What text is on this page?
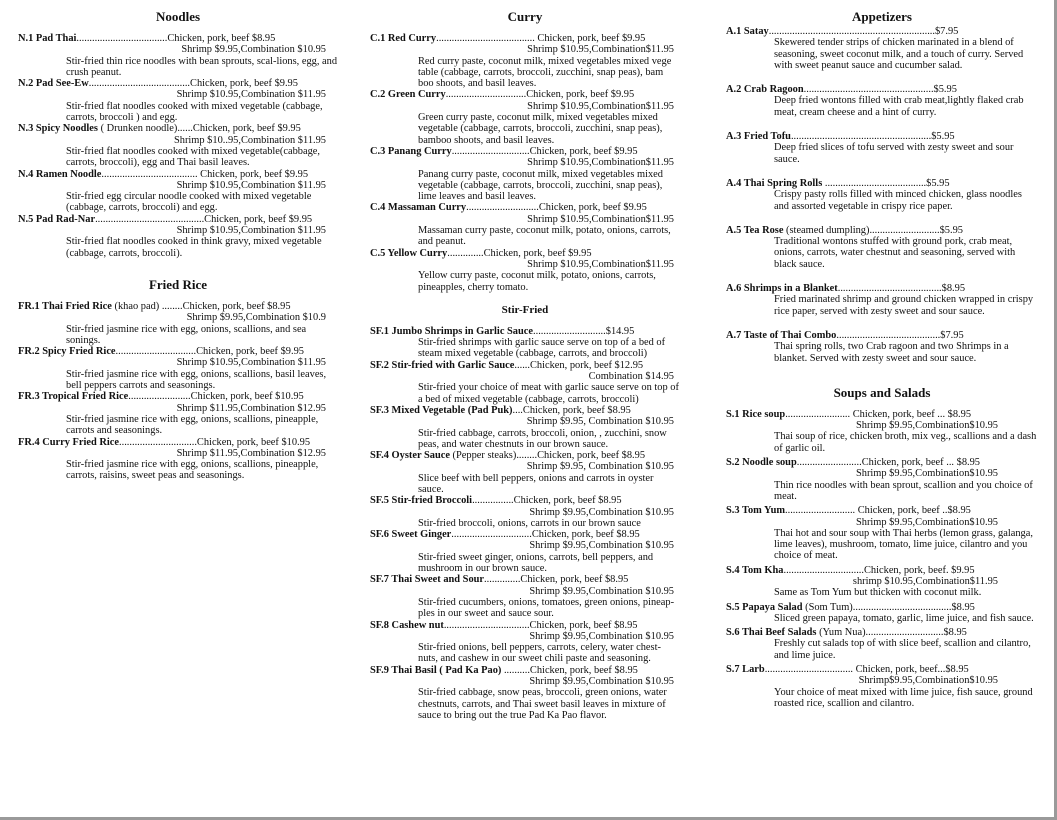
Noodles
N.1 Pad Thai...................................Chicken, pork, beef $8.95
Shrimp $9.95,Combination $10.95
Stir-fried thin rice noodles with bean sprouts, scal-lions, egg, and crush peanut.
N.2 Pad See-Ew.......................................Chicken, pork, beef $9.95
Shrimp $10.95,Combination $11.95
Stir-fried flat noodles cooked with mixed vegetable (cabbage, carrots, broccoli ) and egg.
N.3 Spicy Noodles ( Drunken noodle)......Chicken, pork, beef $9.95
Shrimp $10..95,Combination $11.95
Stir-fried flat noodles cooked with mixed vegetable(cabbage, carrots, broccoli), egg and Thai basil leaves.
N.4 Ramen Noodle..................................... Chicken, pork, beef $9.95
Shrimp $10.95,Combination $11.95
Stir-fried egg circular noodle cooked with mixed vegetable (cabbage, carrots, broccoli) and egg.
N.5 Pad Rad-Nar..........................................Chicken, pork, beef $9.95
Shrimp $10.95,Combination $11.95
Stir-fried flat noodles cooked in think gravy, mixed vegetable (cabbage, carrots, broccoli).
Fried Rice
FR.1 Thai Fried Rice (khao pad) ........Chicken, pork, beef $8.95
Shrimp $9.95,Combination $10.9
Stir-fried jasmine rice with egg, onions, scallions, and sea sonings.
FR.2 Spicy Fried Rice...............................Chicken, pork, beef $9.95
Shrimp $10.95,Combination $11.95
Stir-fried jasmine rice with egg, onions, scallions, basil leaves, bell peppers carrots and seasonings.
FR.3 Tropical Fried Rice........................Chicken, pork, beef $10.95
Shrimp $11.95,Combination $12.95
Stir-fried jasmine rice with egg, onions, scallions, pineapple, carrots and seasonings.
FR.4 Curry Fried Rice..............................Chicken, pork, beef $10.95
Shrimp $11.95,Combination $12.95
Stir-fried jasmine rice with egg, onions, scallions, pineapple, carrots, raisins, sweet peas and seasonings.
Curry
C.1 Red Curry...................................... Chicken, pork, beef $9.95
Shrimp $10.95,Combination$11.95
Red curry paste, coconut milk, mixed vegetables mixed vege table (cabbage, carrots, broccoli, zucchini, snap peas), bam boo shoots, and basil leaves.
C.2 Green Curry...............................Chicken, pork, beef $9.95
Shrimp $10.95,Combination$11.95
Green curry paste, coconut milk, mixed vegetables mixed vegetable (cabbage, carrots, broccoli, zucchini, snap peas), bamboo shoots, and basil leaves.
C.3 Panang Curry..............................Chicken, pork, beef $9.95
Shrimp $10.95,Combination$11.95
Panang curry paste, coconut milk, mixed vegetables mixed vegetable (cabbage, carrots, broccoli, zucchini, snap peas), lime leaves and basil leaves.
C.4 Massaman Curry............................Chicken, pork, beef $9.95
Shrimp $10.95,Combination$11.95
Massaman curry paste, coconut milk, potato, onions, carrots, and peanut.
C.5 Yellow Curry..............Chicken, pork, beef $9.95
Shrimp $10.95,Combination$11.95
Yellow curry paste, coconut milk, potato, onions, carrots, pineapples, cherry tomato.
Stir-Fried
SF.1 Jumbo Shrimps in Garlic Sauce............................$14.95
Stir-fried shrimps with garlic sauce serve on top of a bed of steam mixed vegetable (cabbage, carrots, and broccoli)
SF.2 Stir-fried with Garlic Sauce......Chicken, pork, beef $12.95
Combination $14.95
Stir-fried your choice of meat with garlic sauce serve on top of a bed of mixed vegetable (cabbage, carrots, broccoli)
SF.3 Mixed Vegetable (Pad Puk)....Chicken, pork, beef $8.95
Shrimp $9.95, Combination $10.95
Stir-fried cabbage, carrots, broccoli, onion, , zucchini, snow peas, and water chestnuts in our brown sauce.
SF.4 Oyster Sauce (Pepper steaks)........Chicken, pork, beef $8.95
Shrimp $9.95, Combination $10.95
Slice beef with bell peppers, onions and carrots in oyster sauce.
SF.5 Stir-fried Broccoli................Chicken, pork, beef $8.95
Shrimp $9.95,Combination $10.95
Stir-fried broccoli, onions, carrots in our brown sauce
SF.6 Sweet Ginger...............................Chicken, pork, beef $8.95
Shrimp $9.95,Combination $10.95
Stir-fried sweet ginger, onions, carrots, bell peppers, and mushroom in our brown sauce.
SF.7 Thai Sweet and Sour..............Chicken, pork, beef $8.95
Shrimp $9.95,Combination $10.95
Stir-fried cucumbers, onions, tomatoes, green onions, pineap-ples in our sweet and sauce sour.
SF.8 Cashew nut.................................Chicken, pork, beef $8.95
Shrimp $9.95,Combination $10.95
Stir-fried onions, bell peppers, carrots, celery, water chest-nuts, and cashew in our sweet chili paste and seasoning.
SF.9 Thai Basil ( Pad Ka Pao) ..........Chicken, pork, beef $8.95
Shrimp $9.95,Combination $10.95
Stir-fried cabbage, snow peas, broccoli, green onions, water chestnuts, carrots, and Thai sweet basil leaves in mixture of sauce to bring out the true Pad Ka Pao flavor.
Appetizers
A.1 Satay................................................................$7.95
Skewered tender strips of chicken marinated in a blend of seasoning, sweet coconut milk, and a touch of curry. Served with sweet peanut sauce and cucumber salad.
A.2 Crab Ragoon..................................................$5.95
Deep fried wontons filled with crab meat,lightly flaked crab meat, cream cheese and a hint of curry.
A.3 Fried Tofu......................................................$5.95
Deep fried slices of tofu served with zesty sweet and sour sauce.
A.4 Thai Spring Rolls .......................................$5.95
Crispy pasty rolls filled with minced chicken, glass noodles and assorted vegetable in crispy rice paper.
A.5 Tea Rose (steamed dumpling)...........................$5.95
Traditional wontons stuffed with ground pork, crab meat, onions, carrots, water chestnut and seasoning, served with black sauce.
A.6 Shrimps in a Blanket........................................$8.95
Fried marinated shrimp and ground chicken wrapped in crispy rice paper, served with zesty sweet and sour sauce.
A.7 Taste of Thai Combo........................................$7.95
Thai spring rolls, two Crab ragoon and two Shrimps in a blanket. Served with zesty sweet and sour sauce.
Soups and Salads
S.1 Rice soup......................... Chicken, pork, beef ... $8.95
Shrimp $9.95,Combination$10.95
Thai soup of rice, chicken broth, mix veg., scallions and a dash of garlic oil.
S.2 Noodle soup.........................Chicken, pork, beef ... $8.95
Shrimp $9.95,Combination$10.95
Thin rice noodles with bean sprout, scallion and you choice of meat.
S.3 Tom Yum........................... Chicken, pork, beef ..$8.95
Shrimp $9.95,Combination$10.95
Thai hot and sour soup with Thai herbs (lemon grass, galanga, lime leaves), mushroom, tomato, lime juice, cilantro and you choice of meat.
S.4 Tom Kha...............................Chicken, pork, beef. $9.95
shrimp $10.95,Combination$11.95
Same as Tom Yum but thicken with coconut milk.
S.5 Papaya Salad (Som Tum)......................................$8.95
Sliced green papaya, tomato, garlic, lime juice, and fish sauce.
S.6 Thai Beef Salads (Yum Nua)..............................$8.95
Freshly cut salads top of with slice beef, scallion and cilantro, and lime juice.
S.7 Larb.................................. Chicken, pork, beef...$8.95
Shrimp$9.95,Combination$10.95
Your choice of meat mixed with lime juice, fish sauce, ground roasted rice, scallion and cilantro.
